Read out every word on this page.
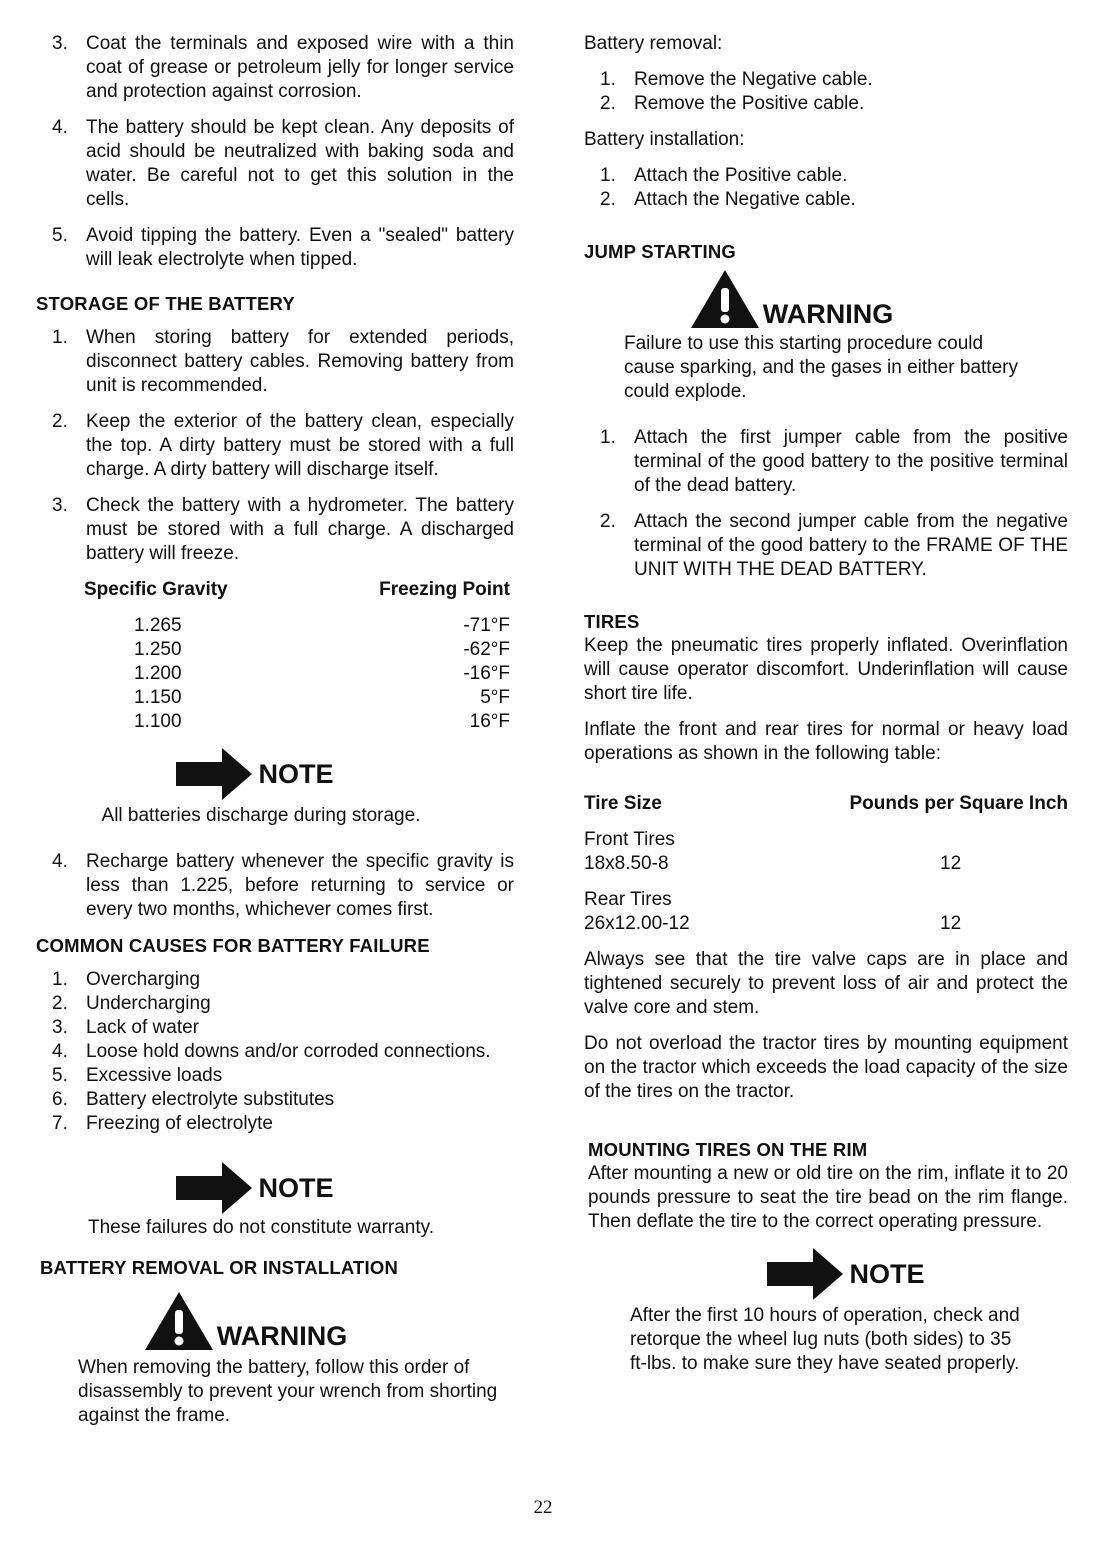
3. Coat the terminals and exposed wire with a thin coat of grease or petroleum jelly for longer service and protection against corrosion.
4. The battery should be kept clean. Any deposits of acid should be neutralized with baking soda and water. Be careful not to get this solution in the cells.
5. Avoid tipping the battery. Even a "sealed" battery will leak electrolyte when tipped.
STORAGE OF THE BATTERY
1. When storing battery for extended periods, disconnect battery cables. Removing battery from unit is recommended.
2. Keep the exterior of the battery clean, especially the top. A dirty battery must be stored with a full charge. A dirty battery will discharge itself.
3. Check the battery with a hydrometer. The battery must be stored with a full charge. A discharged battery will freeze.
Specific Gravity	Freezing Point
1.265	-71°F
1.250	-62°F
1.200	-16°F
1.150	5°F
1.100	16°F
NOTE

All batteries discharge during storage.

4. Recharge battery whenever the specific gravity is less than 1.225, before returning to service or every two months, whichever comes first.
COMMON CAUSES FOR BATTERY FAILURE
1. Overcharging
2. Undercharging
3. Lack of water
4. Loose hold downs and/or corroded connections.
5. Excessive loads
6. Battery electrolyte substitutes
7. Freezing of electrolyte
NOTE

These failures do not constitute warranty.

BATTERY REMOVAL OR INSTALLATION
WARNING

When removing the battery, follow this order of disassembly to prevent your wrench from shorting against the frame.

Battery removal:

1. Remove the Negative cable.
2. Remove the Positive cable.

Battery installation:

1. Attach the Positive cable.
2. Attach the Negative cable.
JUMP STARTING
WARNING

Failure to use this starting procedure could cause sparking, and the gases in either battery could explode.

1. Attach the first jumper cable from the positive terminal of the good battery to the positive terminal of the dead battery.
2. Attach the second jumper cable from the negative terminal of the good battery to the FRAME OF THE UNIT WITH THE DEAD BATTERY.
TIRES

Keep the pneumatic tires properly inflated. Overinflation will cause operator discomfort. Underinflation will cause short tire life.

Inflate the front and rear tires for normal or heavy load operations as shown in the following table:

Tire Size	Pounds per Square Inch
Front Tires
18x8.50-8	12
Rear Tires
26x12.00-12	12

Always see that the tire valve caps are in place and tightened securely to prevent loss of air and protect the valve core and stem.

Do not overload the tractor tires by mounting equipment on the tractor which exceeds the load capacity of the size of the tires on the tractor.

MOUNTING TIRES ON THE RIM

After mounting a new or old tire on the rim, inflate it to 20 pounds pressure to seat the tire bead on the rim flange. Then deflate the tire to the correct operating pressure.

NOTE

After the first 10 hours of operation, check and retorque the wheel lug nuts (both sides) to 35 ft-lbs. to make sure they have seated properly.

22
